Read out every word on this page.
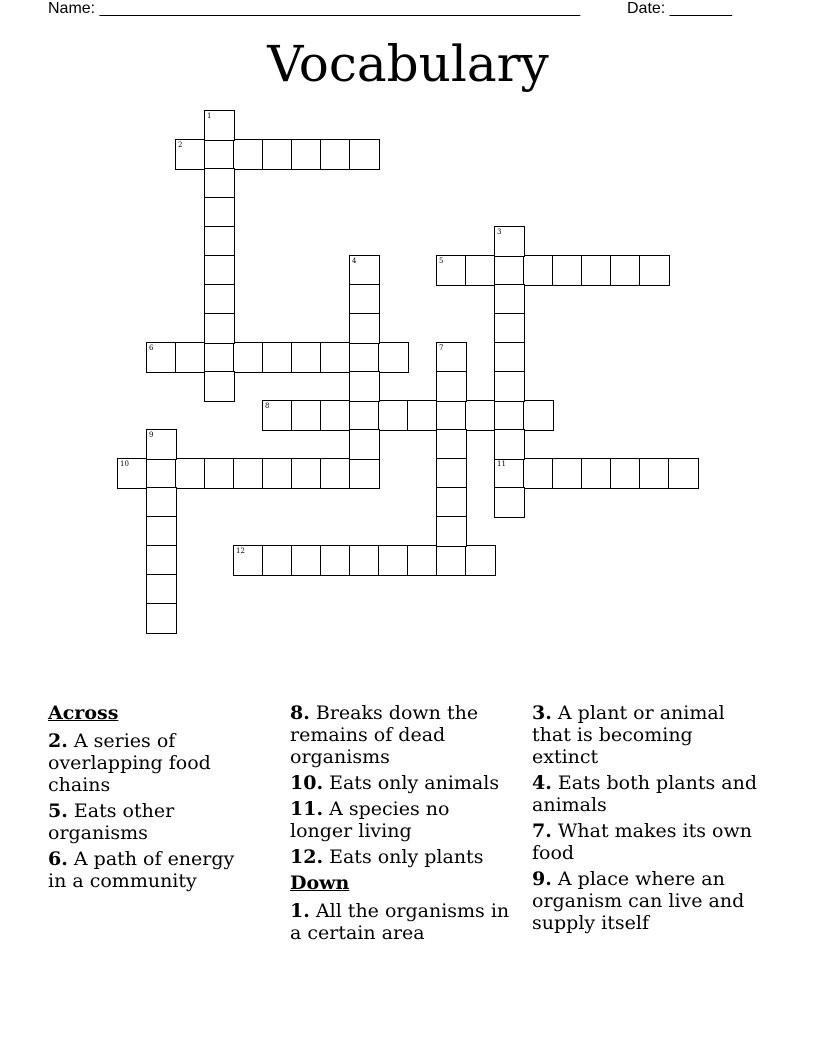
Name: ______________________________________________________	Date: _______
Vocabulary
2
5
6
8
10	11
12
1
3
4
7
9
Across
2. A series of overlapping food chains
5. Eats other organisms
6. A path of energy in a community
8. Breaks down the remains of dead organisms
10. Eats only animals
11. A species no longer living
12. Eats only plants
Down
1. All the organisms in a certain area
3. A plant or animal that is becoming extinct
4. Eats both plants and animals
7. What makes its own food
9. A place where an organism can live and supply itself
